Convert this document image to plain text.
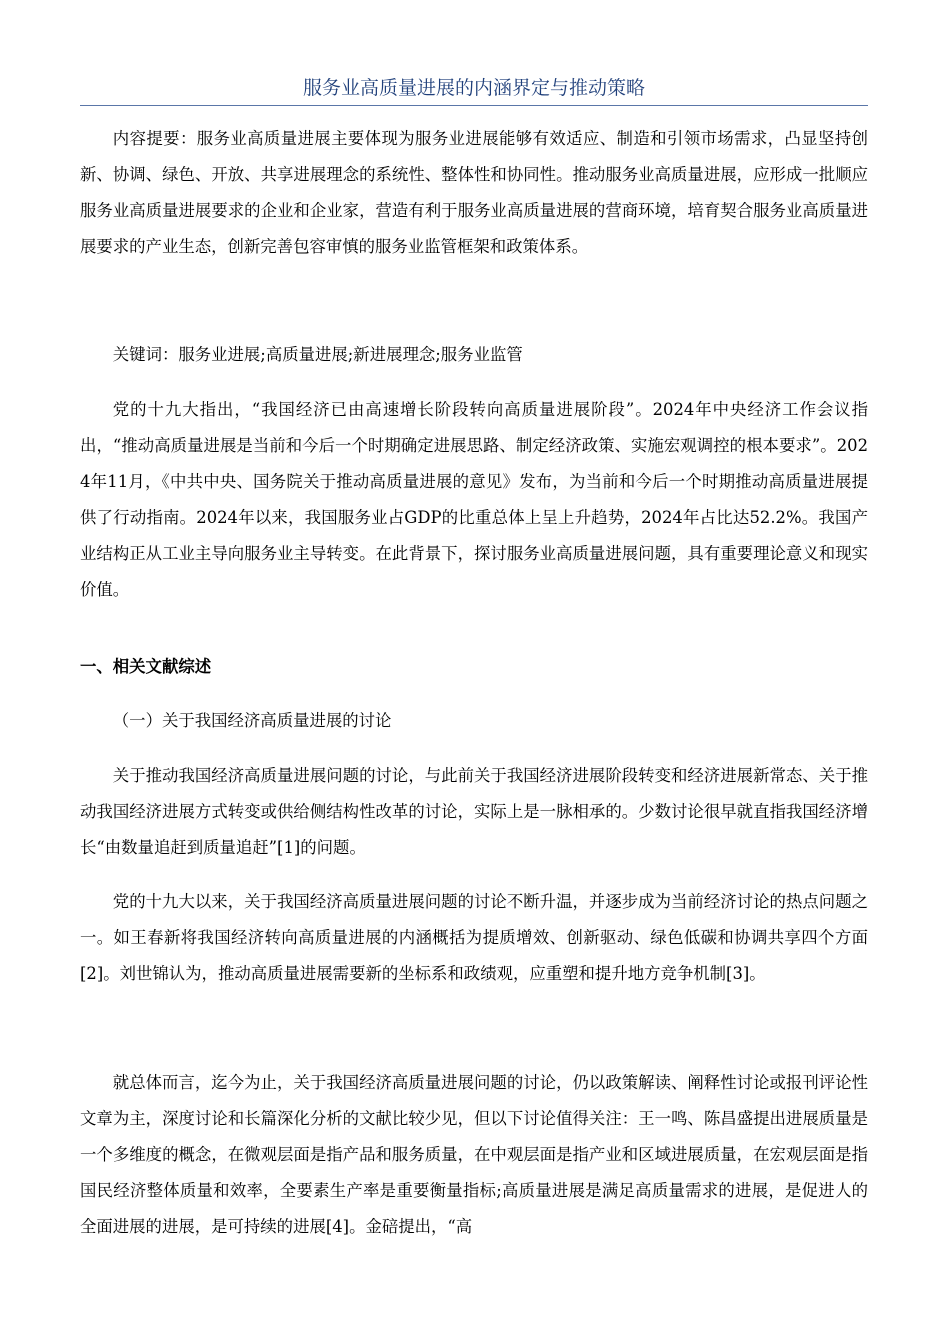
服务业高质量进展的内涵界定与推动策略

内容提要：服务业高质量进展主要体现为服务业进展能够有效适应、制造和引领市场需求，凸显坚持创新、协调、绿色、开放、共享进展理念的系统性、整体性和协同性。推动服务业高质量进展，应形成一批顺应服务业高质量进展要求的企业和企业家，营造有利于服务业高质量进展的营商环境，培育契合服务业高质量进展要求的产业生态，创新完善包容审慎的服务业监管框架和政策体系。

关键词：服务业进展;高质量进展;新进展理念;服务业监管

党的十九大指出，“我国经济已由高速增长阶段转向高质量进展阶段”。2024年中央经济工作会议指出，“推动高质量进展是当前和今后一个时期确定进展思路、制定经济政策、实施宏观调控的根本要求”。2024年11月，《中共中央、国务院关于推动高质量进展的意见》发布，为当前和今后一个时期推动高质量进展提供了行动指南。2024年以来，我国服务业占GDP的比重总体上呈上升趋势，2024年占比达52.2%。我国产业结构正从工业主导向服务业主导转变。在此背景下，探讨服务业高质量进展问题，具有重要理论意义和现实价值。

一、相关文献综述

（一）关于我国经济高质量进展的讨论

关于推动我国经济高质量进展问题的讨论，与此前关于我国经济进展阶段转变和经济进展新常态、关于推动我国经济进展方式转变或供给侧结构性改革的讨论，实际上是一脉相承的。少数讨论很早就直指我国经济增长“由数量追赶到质量追赶”[1]的问题。

党的十九大以来，关于我国经济高质量进展问题的讨论不断升温，并逐步成为当前经济讨论的热点问题之一。如王春新将我国经济转向高质量进展的内涵概括为提质增效、创新驱动、绿色低碳和协调共享四个方面[2]。刘世锦认为，推动高质量进展需要新的坐标系和政绩观，应重塑和提升地方竞争机制[3]。

就总体而言，迄今为止，关于我国经济高质量进展问题的讨论，仍以政策解读、阐释性讨论或报刊评论性文章为主，深度讨论和长篇深化分析的文献比较少见，但以下讨论值得关注：王一鸣、陈昌盛提出进展质量是一个多维度的概念，在微观层面是指产品和服务质量，在中观层面是指产业和区域进展质量，在宏观层面是指国民经济整体质量和效率，全要素生产率是重要衡量指标;高质量进展是满足高质量需求的进展，是促进人的全面进展的进展，是可持续的进展[4]。金碚提出，“高
